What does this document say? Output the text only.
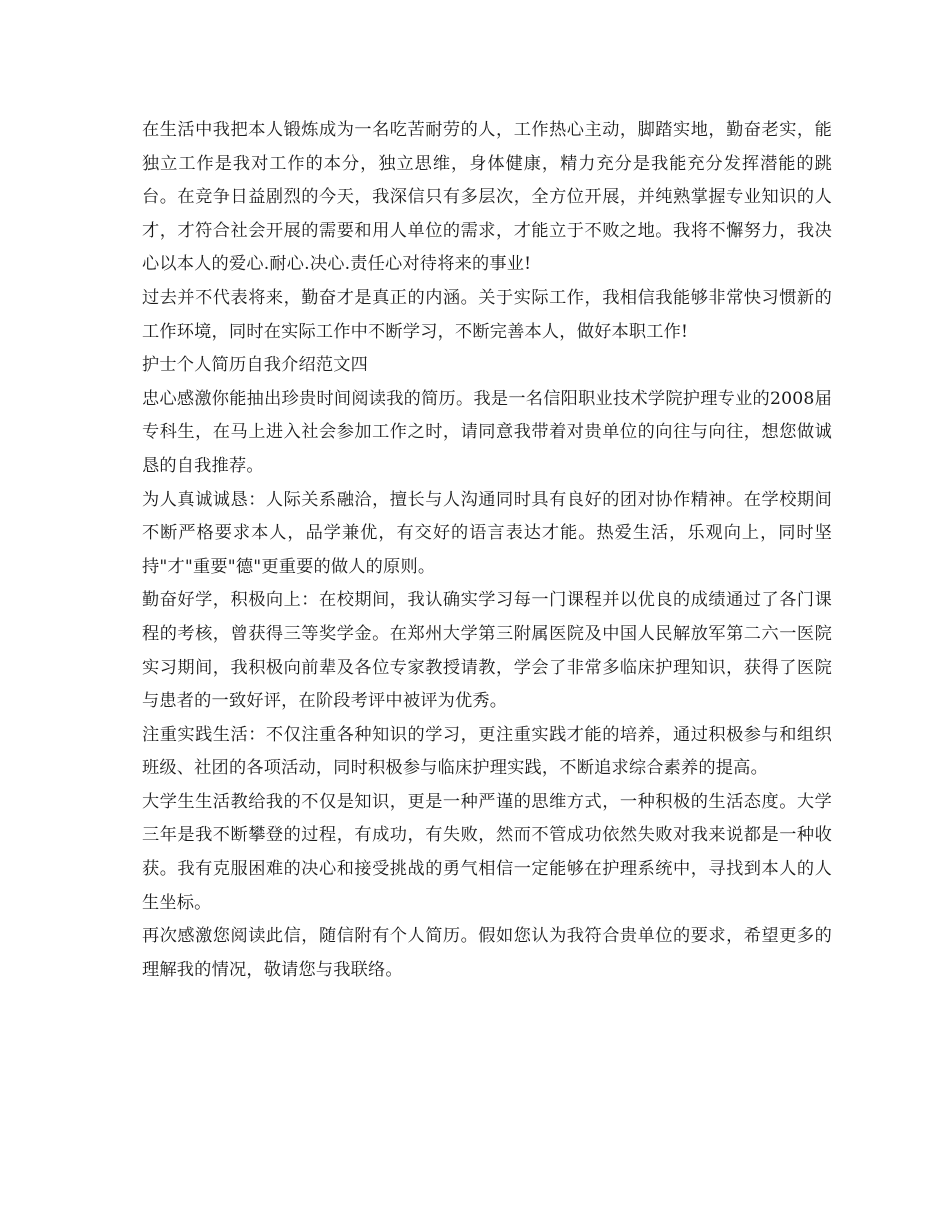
在生活中我把本人锻炼成为一名吃苦耐劳的人，工作热心主动，脚踏实地，勤奋老实，能独立工作是我对工作的本分，独立思维，身体健康，精力充分是我能充分发挥潜能的跳台。在竞争日益剧烈的今天，我深信只有多层次，全方位开展，并纯熟掌握专业知识的人才，才符合社会开展的需要和用人单位的需求，才能立于不败之地。我将不懈努力，我决心以本人的爱心.耐心.决心.责任心对待将来的事业!

过去并不代表将来，勤奋才是真正的内涵。关于实际工作，我相信我能够非常快习惯新的工作环境，同时在实际工作中不断学习，不断完善本人，做好本职工作!

护士个人简历自我介绍范文四

忠心感激你能抽出珍贵时间阅读我的简历。我是一名信阳职业技术学院护理专业的2008届专科生，在马上进入社会参加工作之时，请同意我带着对贵单位的向往与向往，想您做诚恳的自我推荐。

为人真诚诚恳：人际关系融洽，擅长与人沟通同时具有良好的团对协作精神。在学校期间不断严格要求本人，品学兼优，有交好的语言表达才能。热爱生活，乐观向上，同时坚持"才"重要"德"更重要的做人的原则。

勤奋好学，积极向上：在校期间，我认确实学习每一门课程并以优良的成绩通过了各门课程的考核，曾获得三等奖学金。在郑州大学第三附属医院及中国人民解放军第二六一医院实习期间，我积极向前辈及各位专家教授请教，学会了非常多临床护理知识，获得了医院与患者的一致好评，在阶段考评中被评为优秀。

注重实践生活：不仅注重各种知识的学习，更注重实践才能的培养，通过积极参与和组织班级、社团的各项活动，同时积极参与临床护理实践，不断追求综合素养的提高。

大学生生活教给我的不仅是知识，更是一种严谨的思维方式，一种积极的生活态度。大学三年是我不断攀登的过程，有成功，有失败，然而不管成功依然失败对我来说都是一种收获。我有克服困难的决心和接受挑战的勇气相信一定能够在护理系统中，寻找到本人的人生坐标。

再次感激您阅读此信，随信附有个人简历。假如您认为我符合贵单位的要求，希望更多的理解我的情况，敬请您与我联络。
